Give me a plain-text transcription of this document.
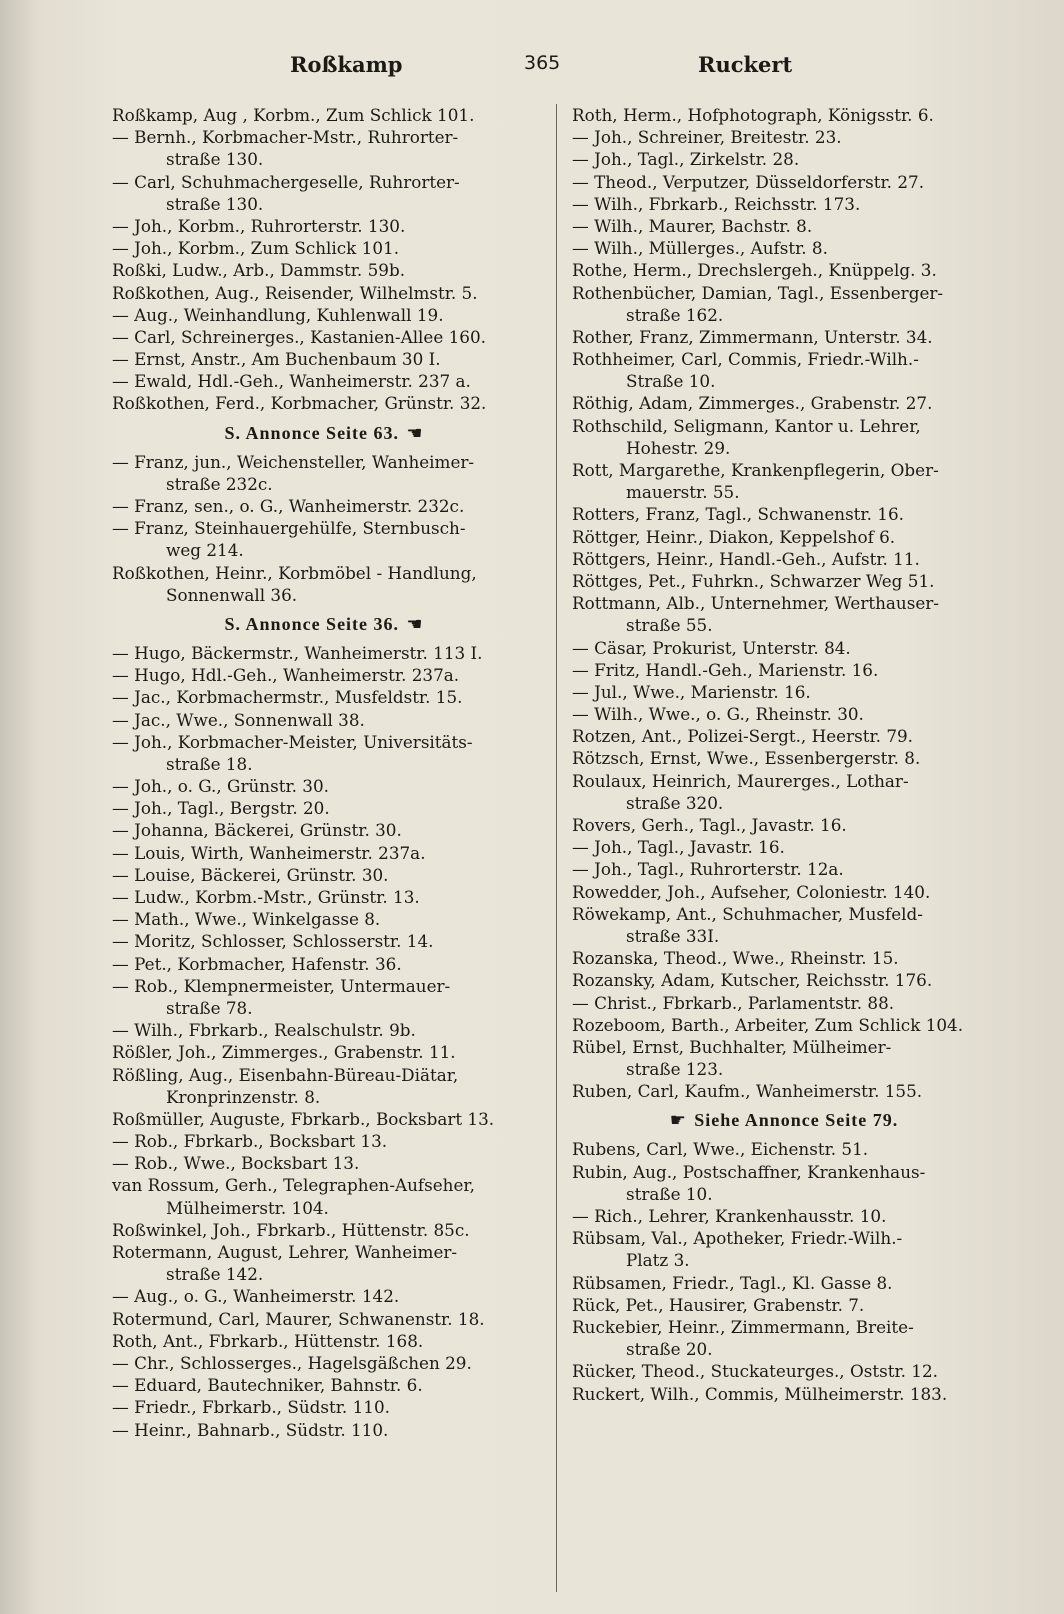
Roßkamp	365	Ruckert
Roßkamp, Aug , Korbm., Zum Schlick 101.
— Bernh., Korbmacher-Mstr., Ruhrorter-
straße 130.
— Carl, Schuhmachergeselle, Ruhrorter-
straße 130.
— Joh., Korbm., Ruhrorterstr. 130.
— Joh., Korbm., Zum Schlick 101.
Roßki, Ludw., Arb., Dammstr. 59b.
Roßkothen, Aug., Reisender, Wilhelmstr. 5.
— Aug., Weinhandlung, Kuhlenwall 19.
— Carl, Schreinerges., Kastanien-Allee 160.
— Ernst, Anstr., Am Buchenbaum 30 I.
— Ewald, Hdl.-Geh., Wanheimerstr. 237 a.
Roßkothen, Ferd., Korbmacher, Grünstr. 32.
S. Annonce Seite 63. ☚
— Franz, jun., Weichensteller, Wanheimer-
straße 232c.
— Franz, sen., o. G., Wanheimerstr. 232c.
— Franz, Steinhauergehülfe, Sternbusch-
weg 214.
Roßkothen, Heinr., Korbmöbel - Handlung,
Sonnenwall 36.
S. Annonce Seite 36. ☚
— Hugo, Bäckermstr., Wanheimerstr. 113 I.
— Hugo, Hdl.-Geh., Wanheimerstr. 237a.
— Jac., Korbmachermstr., Musfeldstr. 15.
— Jac., Wwe., Sonnenwall 38.
— Joh., Korbmacher-Meister, Universitäts-
straße 18.
— Joh., o. G., Grünstr. 30.
— Joh., Tagl., Bergstr. 20.
— Johanna, Bäckerei, Grünstr. 30.
— Louis, Wirth, Wanheimerstr. 237a.
— Louise, Bäckerei, Grünstr. 30.
— Ludw., Korbm.-Mstr., Grünstr. 13.
— Math., Wwe., Winkelgasse 8.
— Moritz, Schlosser, Schlosserstr. 14.
— Pet., Korbmacher, Hafenstr. 36.
— Rob., Klempnermeister, Untermauer-
straße 78.
— Wilh., Fbrkarb., Realschulstr. 9b.
Rößler, Joh., Zimmerges., Grabenstr. 11.
Rößling, Aug., Eisenbahn-Büreau-Diätar,
Kronprinzenstr. 8.
Roßmüller, Auguste, Fbrkarb., Bocksbart 13.
— Rob., Fbrkarb., Bocksbart 13.
— Rob., Wwe., Bocksbart 13.
van Rossum, Gerh., Telegraphen-Aufseher,
Mülheimerstr. 104.
Roßwinkel, Joh., Fbrkarb., Hüttenstr. 85c.
Rotermann, August, Lehrer, Wanheimer-
straße 142.
— Aug., o. G., Wanheimerstr. 142.
Rotermund, Carl, Maurer, Schwanenstr. 18.
Roth, Ant., Fbrkarb., Hüttenstr. 168.
— Chr., Schlosserges., Hagelsgäßchen 29.
— Eduard, Bautechniker, Bahnstr. 6.
— Friedr., Fbrkarb., Südstr. 110.
— Heinr., Bahnarb., Südstr. 110.
Roth, Herm., Hofphotograph, Königsstr. 6.
— Joh., Schreiner, Breitestr. 23.
— Joh., Tagl., Zirkelstr. 28.
— Theod., Verputzer, Düsseldorferstr. 27.
— Wilh., Fbrkarb., Reichsstr. 173.
— Wilh., Maurer, Bachstr. 8.
— Wilh., Müllerges., Aufstr. 8.
Rothe, Herm., Drechslergeh., Knüppelg. 3.
Rothenbücher, Damian, Tagl., Essenberger-
straße 162.
Rother, Franz, Zimmermann, Unterstr. 34.
Rothheimer, Carl, Commis, Friedr.-Wilh.-
Straße 10.
Röthig, Adam, Zimmerges., Grabenstr. 27.
Rothschild, Seligmann, Kantor u. Lehrer,
Hohestr. 29.
Rott, Margarethe, Krankenpflegerin, Ober-
mauerstr. 55.
Rotters, Franz, Tagl., Schwanenstr. 16.
Röttger, Heinr., Diakon, Keppelshof 6.
Röttgers, Heinr., Handl.-Geh., Aufstr. 11.
Röttges, Pet., Fuhrkn., Schwarzer Weg 51.
Rottmann, Alb., Unternehmer, Werthauser-
straße 55.
— Cäsar, Prokurist, Unterstr. 84.
— Fritz, Handl.-Geh., Marienstr. 16.
— Jul., Wwe., Marienstr. 16.
— Wilh., Wwe., o. G., Rheinstr. 30.
Rotzen, Ant., Polizei-Sergt., Heerstr. 79.
Rötzsch, Ernst, Wwe., Essenbergerstr. 8.
Roulaux, Heinrich, Maurerges., Lothar-
straße 320.
Rovers, Gerh., Tagl., Javastr. 16.
— Joh., Tagl., Javastr. 16.
— Joh., Tagl., Ruhrorterstr. 12a.
Rowedder, Joh., Aufseher, Coloniestr. 140.
Röwekamp, Ant., Schuhmacher, Musfeld-
straße 33I.
Rozanska, Theod., Wwe., Rheinstr. 15.
Rozansky, Adam, Kutscher, Reichsstr. 176.
— Christ., Fbrkarb., Parlamentstr. 88.
Rozeboom, Barth., Arbeiter, Zum Schlick 104.
Rübel, Ernst, Buchhalter, Mülheimer-
straße 123.
Ruben, Carl, Kaufm., Wanheimerstr. 155.
☛ Siehe Annonce Seite 79.
Rubens, Carl, Wwe., Eichenstr. 51.
Rubin, Aug., Postschaffner, Krankenhaus-
straße 10.
— Rich., Lehrer, Krankenhausstr. 10.
Rübsam, Val., Apotheker, Friedr.-Wilh.-
Platz 3.
Rübsamen, Friedr., Tagl., Kl. Gasse 8.
Rück, Pet., Hausirer, Grabenstr. 7.
Ruckebier, Heinr., Zimmermann, Breite-
straße 20.
Rücker, Theod., Stuckateurges., Oststr. 12.
Ruckert, Wilh., Commis, Mülheimerstr. 183.
